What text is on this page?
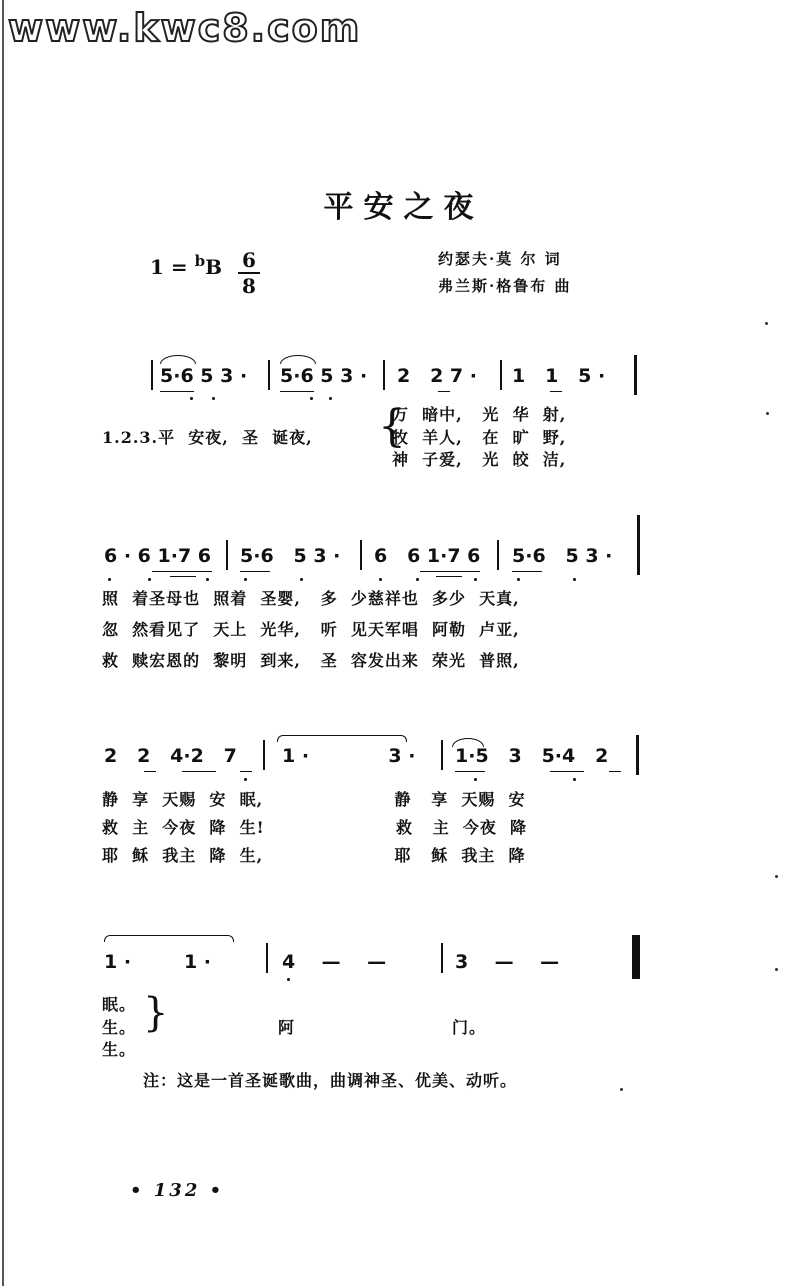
www.kwc8.com
平安之夜
1 = $^b$B 6
8
约瑟夫·莫 尔 词
弗兰斯·格鲁布 曲
5·6 5 3 · 5·6 5 3 · 2   2 7 · 1   1   5 ·
1.2.3.平  安夜,  圣  诞夜, {
万  暗中,   光  华  射,
牧  羊人,   在  旷  野,
神  子爱,   光  皎  洁,
6 · 6 1·7 6 5·6   5 3 · 6   6 1·7 6 5·6   5 3 ·
照  着圣母也  照着  圣婴,   多  少慈祥也  多少  天真,
忽  然看见了  天上  光华,   听  见天军唱  阿勒  卢亚,
救  赎宏恩的  黎明  到来,   圣  容发出来  荣光  普照,
2   2   4·2   7 1 ·            3 · 1·5   3   5·4   2
静  享  天赐  安  眠,                    静   享  天赐  安
救  主  今夜  降  生!                    救   主  今夜  降
耶  稣  我主  降  生,                    耶   稣  我主  降
1 ·        1 ·	4    —    —	3    —    —
眠。
生。
生。
}	阿	门。
注：这是一首圣诞歌曲，曲调神圣、优美、动听。
• 132 •
